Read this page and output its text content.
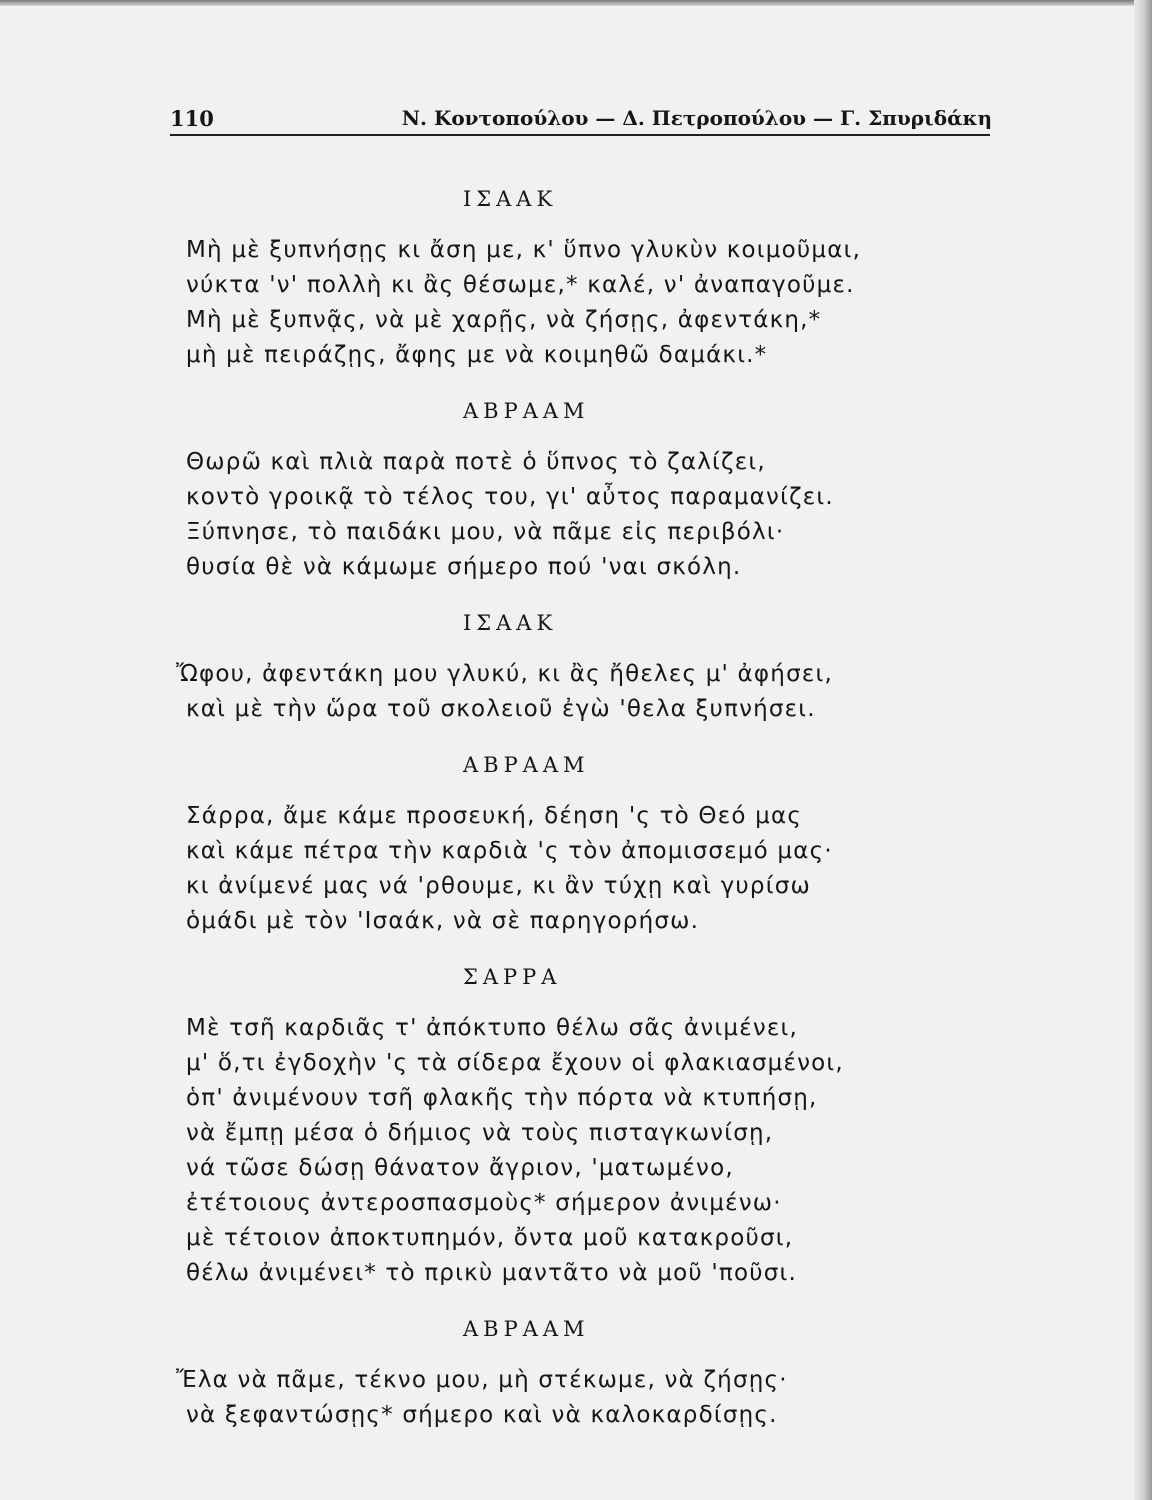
110	Ν. Κοντοπούλου — Δ. Πετροπούλου — Γ. Σπυριδάκη
ΙΣΑΑΚ
Μὴ μὲ ξυπνήσῃς κι ἄση με, κ' ὕπνο γλυκὺν κοιμοῦμαι,
νύκτα 'ν' πολλὴ κι ἂς θέσωμε,* καλέ, ν' ἀναπαγοῦμε.
Μὴ μὲ ξυπνᾷς, νὰ μὲ χαρῇς, νὰ ζήσῃς, ἀφεντάκη,*
μὴ μὲ πειράζῃς, ἄφης με νὰ κοιμηθῶ δαμάκι.*
ΑΒΡΑΑΜ
Θωρῶ καὶ πλιὰ παρὰ ποτὲ ὁ ὕπνος τὸ ζαλίζει,
κοντὸ γροικᾷ τὸ τέλος του, γι' αὖτος παραμανίζει.
Ξύπνησε, τὸ παιδάκι μου, νὰ πᾶμε εἰς περιβόλι·
θυσία θὲ νὰ κάμωμε σήμερο πού 'ναι σκόλη.
ΙΣΑΑΚ
Ὤφου, ἀφεντάκη μου γλυκύ, κι ἂς ἤθελες μ' ἀφήσει,
καὶ μὲ τὴν ὥρα τοῦ σκολειοῦ ἐγὼ 'θελα ξυπνήσει.
ΑΒΡΑΑΜ
Σάρρα, ἄμε κάμε προσευκή, δέηση 'ς τὸ Θεό μας
καὶ κάμε πέτρα τὴν καρδιὰ 'ς τὸν ἀπομισσεμό μας·
κι ἀνίμενέ μας νά 'ρθουμε, κι ἂν τύχῃ καὶ γυρίσω
ὁμάδι μὲ τὸν 'Ισαάκ, νὰ σὲ παρηγορήσω.
ΣΑΡΡΑ
Μὲ τσῆ καρδιᾶς τ' ἀπόκτυπο θέλω σᾶς ἀνιμένει,
μ' ὅ,τι ἐγδοχὴν 'ς τὰ σίδερα ἔχουν οἱ φλακιασμένοι,
ὁπ' ἀνιμένουν τσῆ φλακῆς τὴν πόρτα νὰ κτυπήσῃ,
νὰ ἔμπῃ μέσα ὁ δήμιος νὰ τοὺς πισταγκωνίσῃ,
νά τῶσε δώσῃ θάνατον ἄγριον, 'ματωμένο,
ἐτέτοιους ἀντεροσπασμοὺς* σήμερον ἀνιμένω·
μὲ τέτοιον ἀποκτυπημόν, ὄντα μοῦ κατακροῦσι,
θέλω ἀνιμένει* τὸ πρικὺ μαντᾶτο νὰ μοῦ 'ποῦσι.
ΑΒΡΑΑΜ
Ἔλα νὰ πᾶμε, τέκνο μου, μὴ στέκωμε, νὰ ζήσῃς·
νὰ ξεφαντώσῃς* σήμερο καὶ νὰ καλοκαρδίσῃς.
